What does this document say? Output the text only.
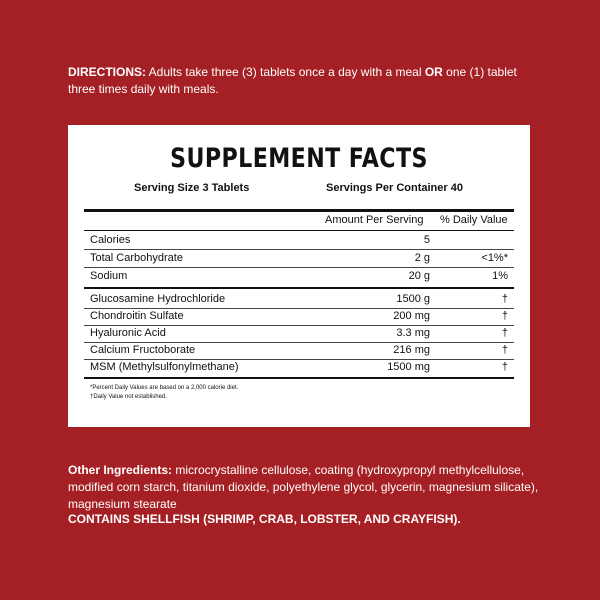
DIRECTIONS: Adults take three (3) tablets once a day with a meal OR one (1) tablet three times daily with meals.
SUPPLEMENT FACTS
Serving Size 3 Tablets	Servings Per Container 40
Amount Per Serving % Daily Value
Calories	5
Total Carbohydrate	2 g	<1%*
Sodium	20 g	1%
Glucosamine Hydrochloride	1500 g	†
Chondroitin Sulfate	200 mg	†
Hyaluronic Acid	3.3 mg	†
Calcium Fructoborate	216 mg	†
MSM (Methylsulfonylmethane)	1500 mg	†
*Percent Daily Values are based on a 2,000 calorie diet.
†Daily Value not established.
Other Ingredients: microcrystalline cellulose, coating (hydroxypropyl methylcellulose, modified corn starch, titanium dioxide, polyethylene glycol, glycerin, magnesium silicate), magnesium stearate
CONTAINS SHELLFISH (SHRIMP, CRAB, LOBSTER, AND CRAYFISH).
